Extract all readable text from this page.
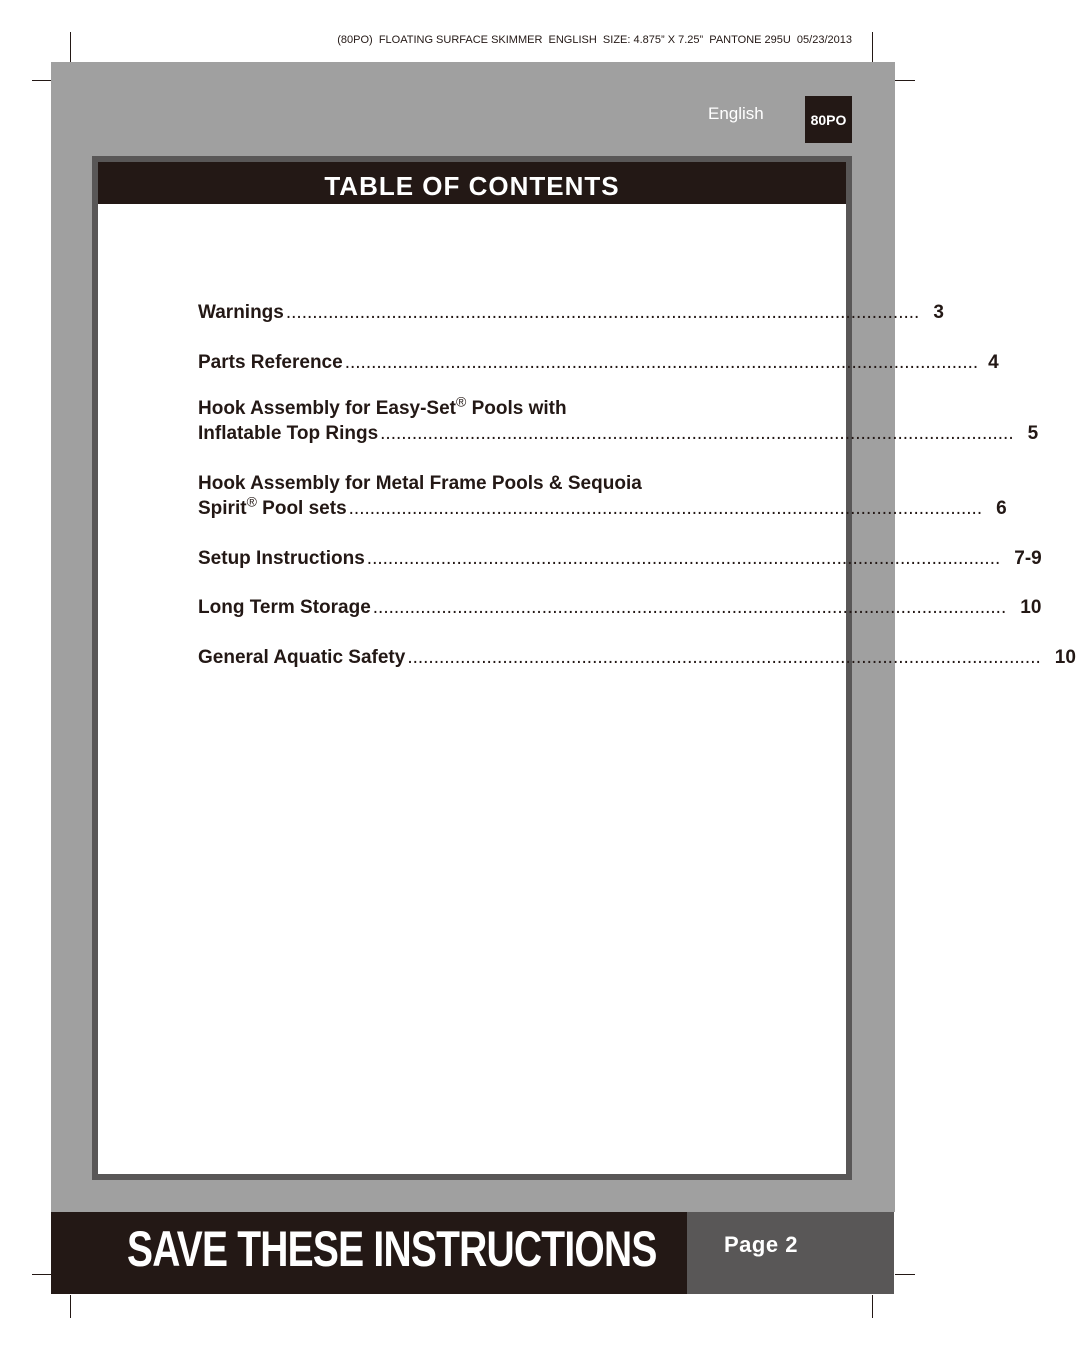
(80PO)  FLOATING SURFACE SKIMMER  ENGLISH  SIZE: 4.875” X 7.25”  PANTONE 295U  05/23/2013
English	80PO
TABLE OF CONTENTS
Warnings ........................................................................................................................ 3
Parts Reference ........................................................................................................................ 4
Hook Assembly for Easy-Set® Pools with
Inflatable Top Rings ........................................................................................................................ 5
Hook Assembly for Metal Frame Pools & Sequoia
Spirit® Pool sets ........................................................................................................................ 6
Setup Instructions ........................................................................................................................ 7-9
Long Term Storage ........................................................................................................................ 10
General Aquatic Safety ........................................................................................................................ 10
SAVE THESE INSTRUCTIONS	Page 2
